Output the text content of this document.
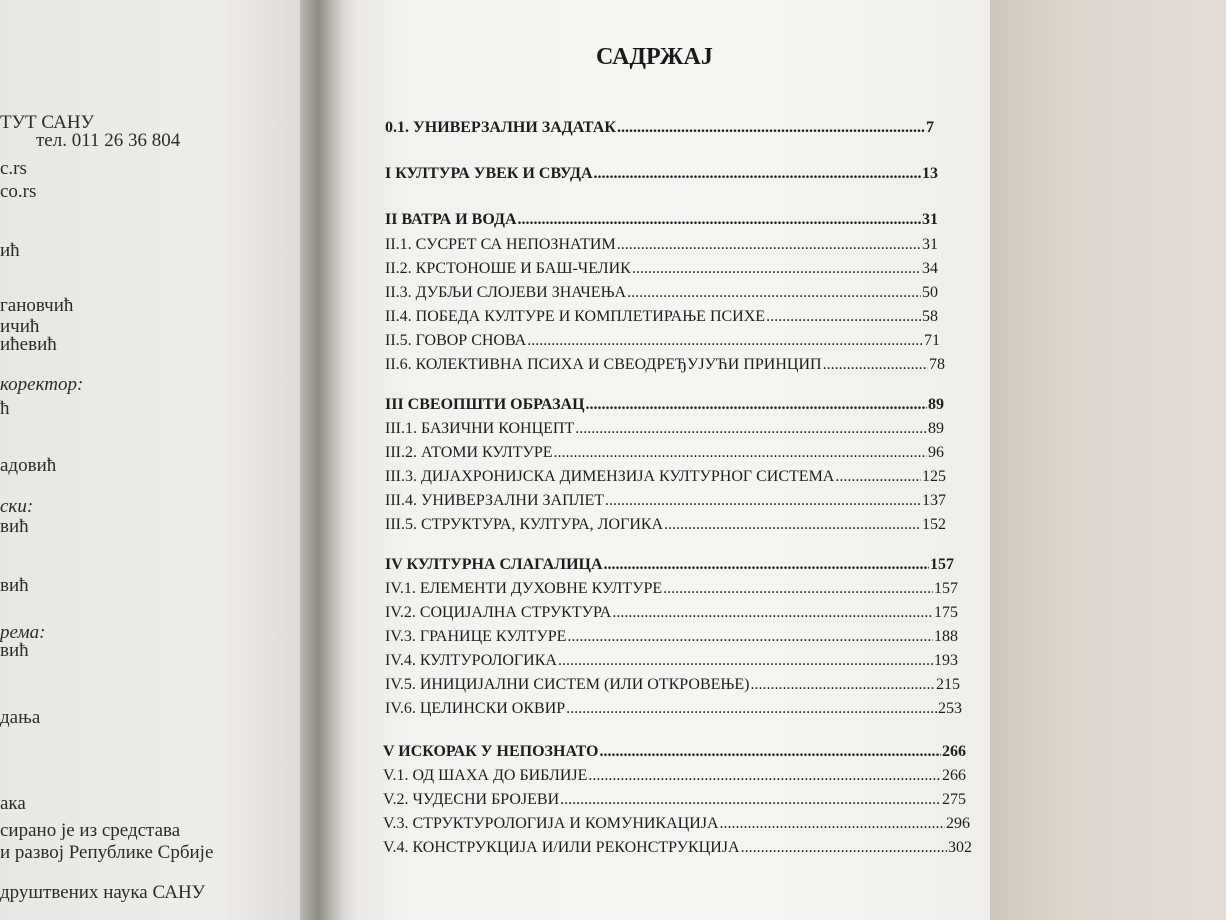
ТУТ САНУ
тел. 011 26 36 804
c.rs
co.rs
ић
гановчић
ичић
ићевић
коректор:
ћ
адовић
ски:
вић
вић
рема:
вић
дања
ака
сирано је из средстава
и развој Републике Србије
друштвених наука САНУ
САДРЖАЈ
0.1. УНИВЕРЗАЛНИ ЗАДАТАК .....	7
I КУЛТУРА УВЕК И СВУДА .....	13
II ВАТРА И ВОДА .....	31
II.1. СУСРЕТ СА НЕПОЗНАТИМ .....	31
II.2. КРСТОНОШЕ И БАШ-ЧЕЛИК .....	34
II.3. ДУБЉИ СЛОЈЕВИ ЗНАЧЕЊА .....	50
II.4. ПОБЕДА КУЛТУРЕ И КОМПЛЕТИРАЊЕ ПСИХЕ .....	58
II.5. ГОВОР СНОВА .....	71
II.6. КОЛЕКТИВНА ПСИХА И СВЕОДРЕЂУЈУЋИ ПРИНЦИП .....	78
III СВЕОПШТИ ОБРАЗАЦ .....	89
III.1. БАЗИЧНИ КОНЦЕПТ .....	89
III.2. АТОМИ КУЛТУРЕ .....	96
III.3. ДИЈАХРОНИЈСКА ДИМЕНЗИЈА КУЛТУРНОГ СИСТЕМА .....	125
III.4. УНИВЕРЗАЛНИ ЗАПЛЕТ .....	137
III.5. СТРУКТУРА, КУЛТУРА, ЛОГИКА .....	152
IV КУЛТУРНА СЛАГАЛИЦА .....	157
IV.1. ЕЛЕМЕНТИ ДУХОВНЕ КУЛТУРЕ .....	157
IV.2. СОЦИЈАЛНА СТРУКТУРА .....	175
IV.3. ГРАНИЦЕ КУЛТУРЕ .....	188
IV.4. КУЛТУРОЛОГИКА .....	193
IV.5. ИНИЦИЈАЛНИ СИСТЕМ (ИЛИ ОТКРОВЕЊЕ) .....	215
IV.6. ЦЕЛИНСКИ ОКВИР .....	253
V ИСКОРАК У НЕПОЗНАТО .....	266
V.1. ОД ШАХА ДО БИБЛИЈЕ .....	266
V.2. ЧУДЕСНИ БРОЈЕВИ .....	275
V.3. СТРУКТУРОЛОГИЈА И КОМУНИКАЦИЈА .....	296
V.4. КОНСТРУКЦИЈА И/ИЛИ РЕКОНСТРУКЦИЈА .....	302
